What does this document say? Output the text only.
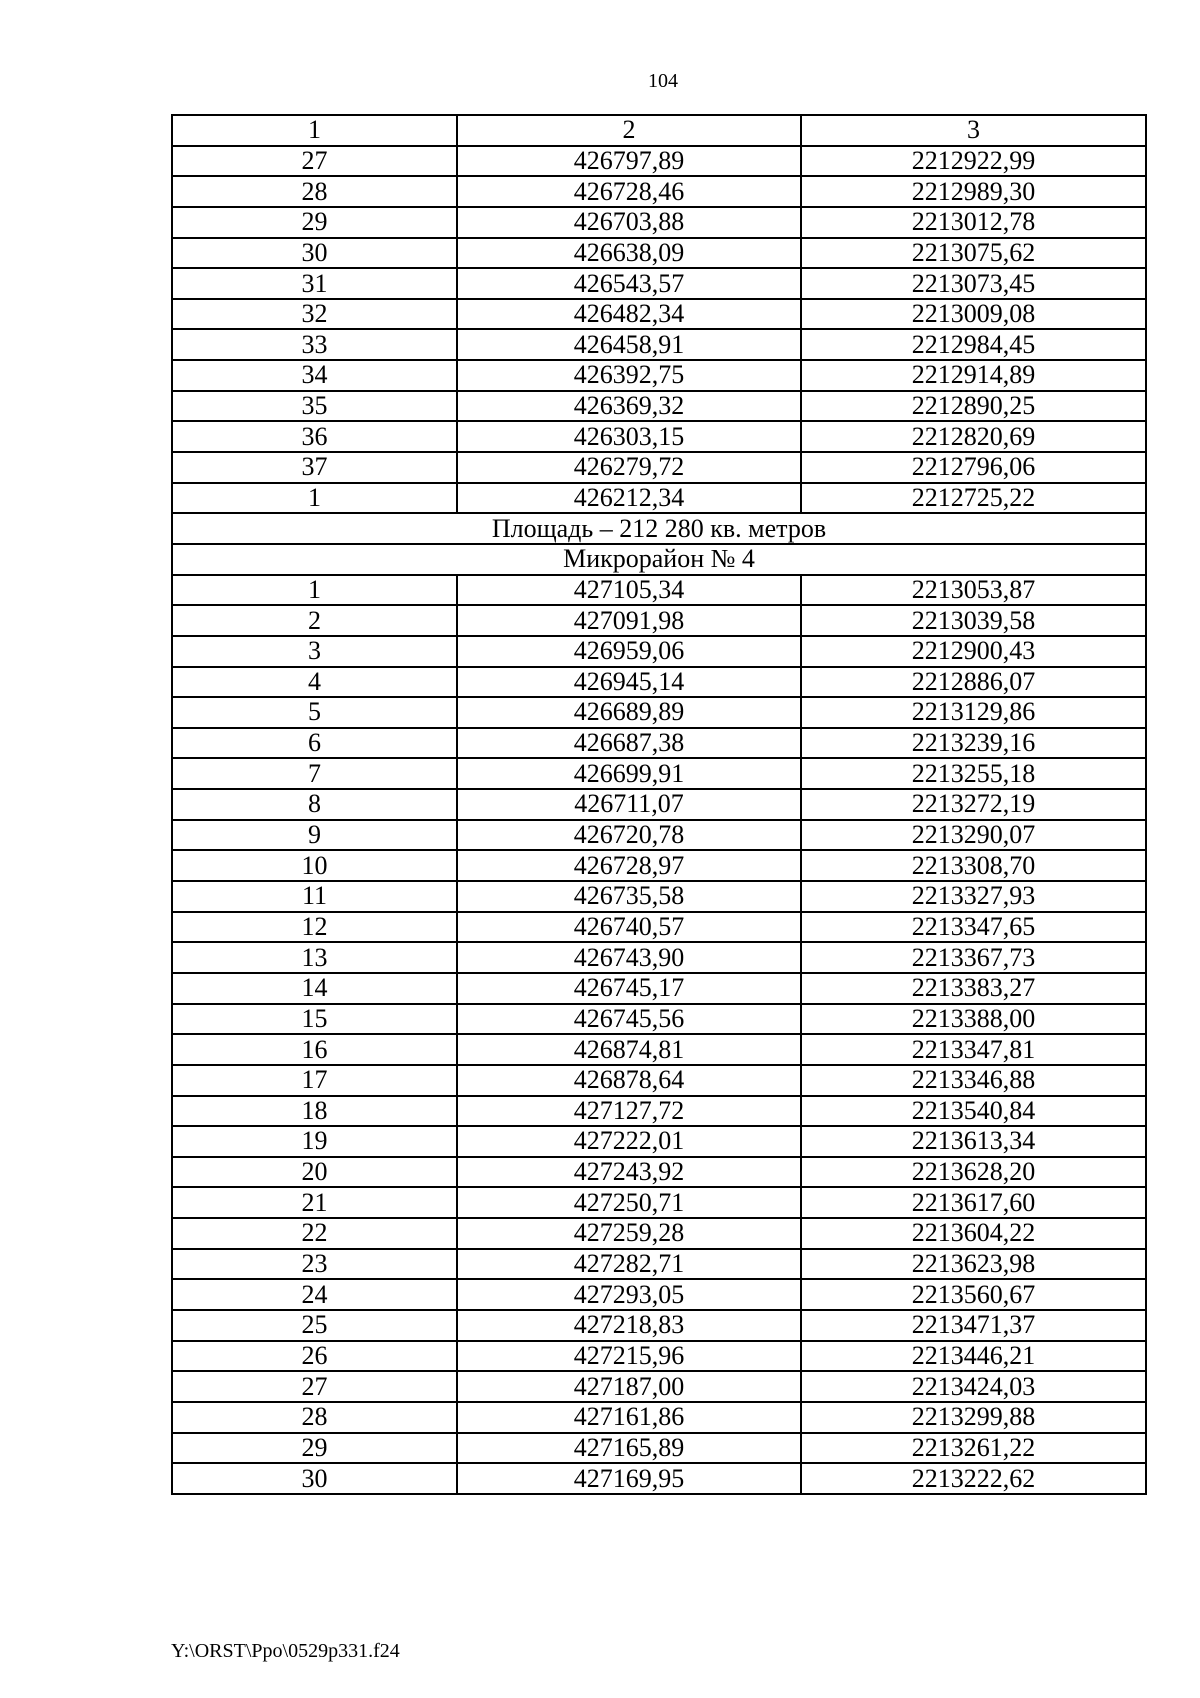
104
1	2	3
27	426797,89	2212922,99
28	426728,46	2212989,30
29	426703,88	2213012,78
30	426638,09	2213075,62
31	426543,57	2213073,45
32	426482,34	2213009,08
33	426458,91	2212984,45
34	426392,75	2212914,89
35	426369,32	2212890,25
36	426303,15	2212820,69
37	426279,72	2212796,06
1	426212,34	2212725,22
Площадь – 212 280 кв. метров		
Микрорайон № 4		
1	427105,34	2213053,87
2	427091,98	2213039,58
3	426959,06	2212900,43
4	426945,14	2212886,07
5	426689,89	2213129,86
6	426687,38	2213239,16
7	426699,91	2213255,18
8	426711,07	2213272,19
9	426720,78	2213290,07
10	426728,97	2213308,70
11	426735,58	2213327,93
12	426740,57	2213347,65
13	426743,90	2213367,73
14	426745,17	2213383,27
15	426745,56	2213388,00
16	426874,81	2213347,81
17	426878,64	2213346,88
18	427127,72	2213540,84
19	427222,01	2213613,34
20	427243,92	2213628,20
21	427250,71	2213617,60
22	427259,28	2213604,22
23	427282,71	2213623,98
24	427293,05	2213560,67
25	427218,83	2213471,37
26	427215,96	2213446,21
27	427187,00	2213424,03
28	427161,86	2213299,88
29	427165,89	2213261,22
30	427169,95	2213222,62
Y:\ORST\Ppo\0529p331.f24
